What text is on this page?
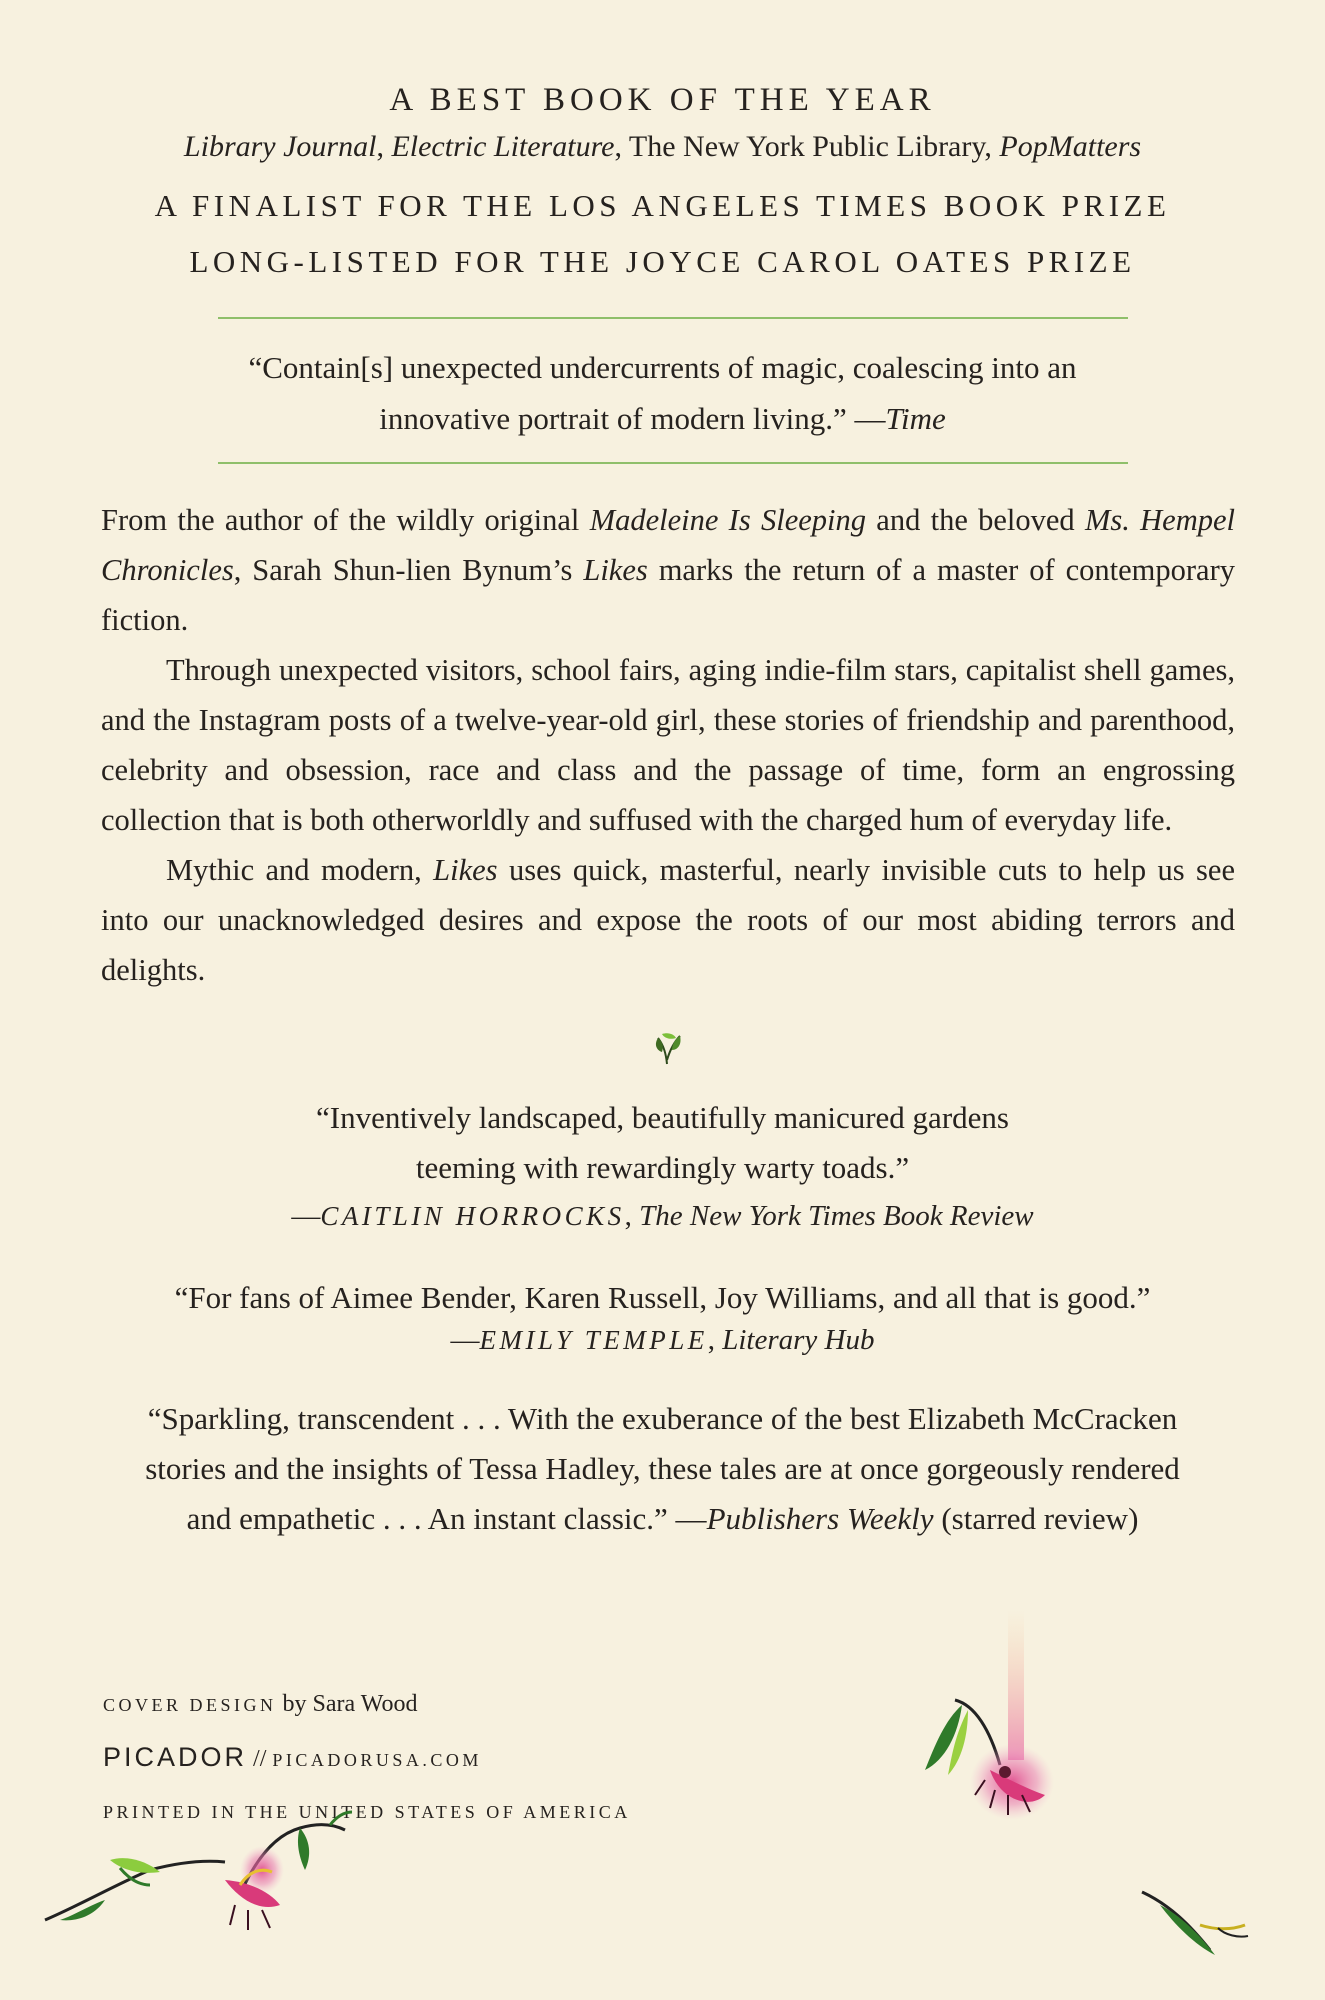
A BEST BOOK OF THE YEAR
Library Journal, Electric Literature, The New York Public Library, PopMatters
A FINALIST FOR THE LOS ANGELES TIMES BOOK PRIZE
LONG-LISTED FOR THE JOYCE CAROL OATES PRIZE
“Contain[s] unexpected undercurrents of magic, coalescing into an
innovative portrait of modern living.” —Time

From the author of the wildly original Madeleine Is Sleeping and the beloved Ms. Hempel Chronicles, Sarah Shun-lien Bynum’s Likes marks the return of a master of contemporary fiction.

Through unexpected visitors, school fairs, aging indie-film stars, capitalist shell games, and the Instagram posts of a twelve-year-old girl, these stories of friendship and parenthood, celebrity and obsession, race and class and the passage of time, form an engrossing collection that is both otherworldly and suffused with the charged hum of everyday life.

Mythic and modern, Likes uses quick, masterful, nearly invisible cuts to help us see into our unacknowledged desires and expose the roots of our most abiding terrors and delights.

“Inventively landscaped, beautifully manicured gardens
teeming with rewardingly warty toads.”
—CAITLIN HORROCKS, The New York Times Book Review
“For fans of Aimee Bender, Karen Russell, Joy Williams, and all that is good.”
—EMILY TEMPLE, Literary Hub
“Sparkling, transcendent . . . With the exuberance of the best Elizabeth McCracken
stories and the insights of Tessa Hadley, these tales are at once gorgeously rendered
and empathetic . . . An instant classic.” —Publishers Weekly (starred review)
COVER DESIGN by Sara Wood
PICADOR // PICADORUSA.COM
PRINTED IN THE UNITED STATES OF AMERICA
